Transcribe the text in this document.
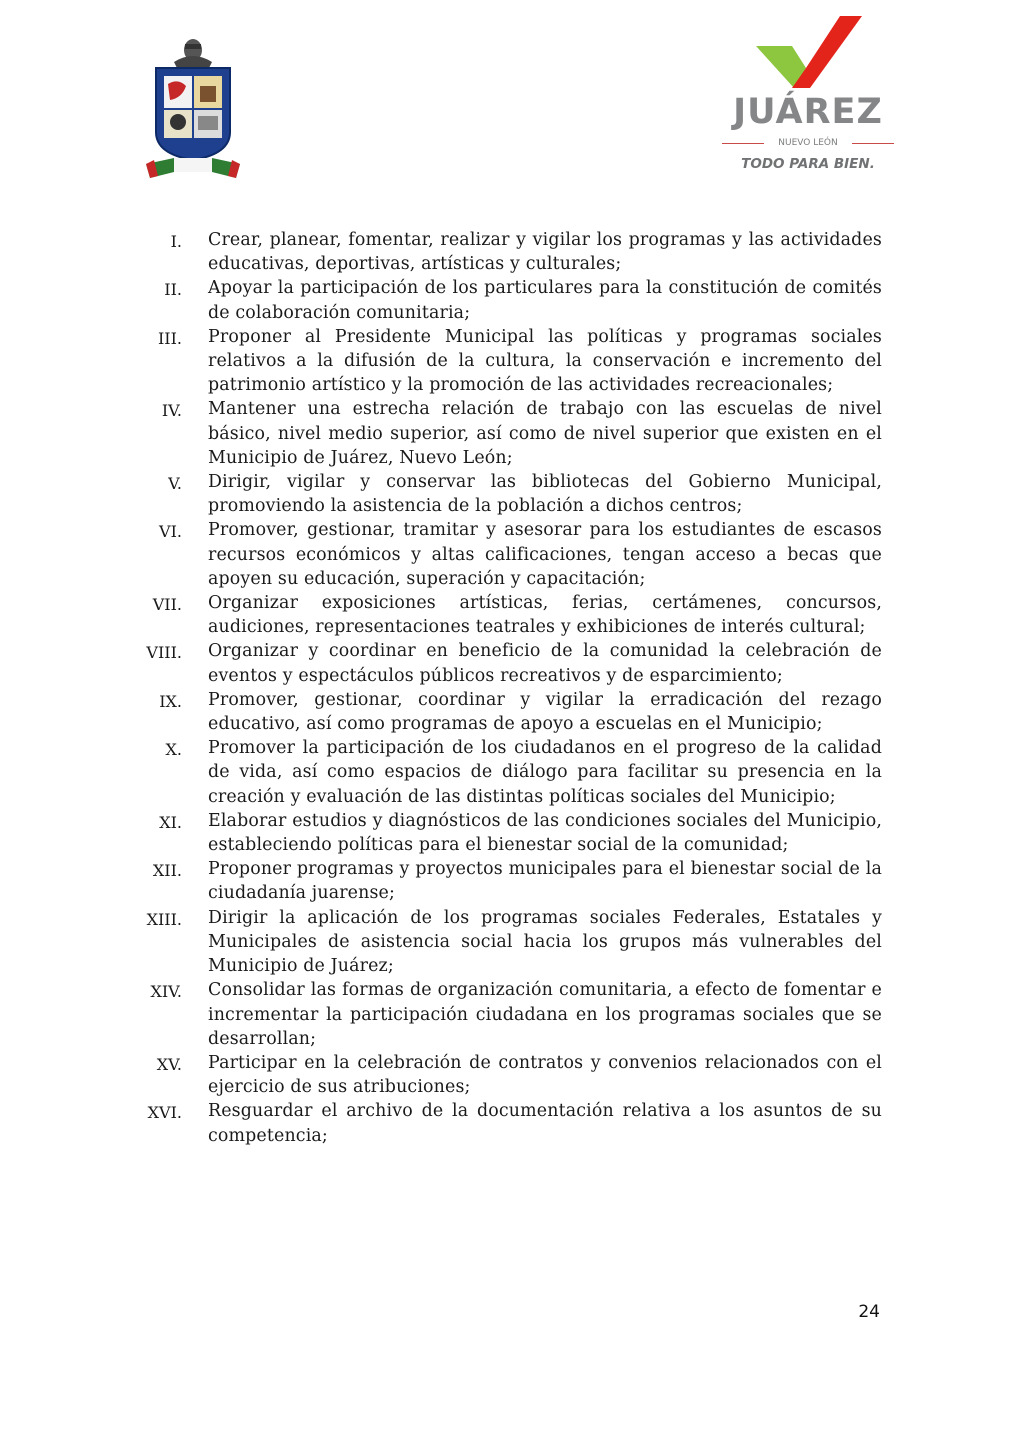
JUÁREZ
NUEVO LEÓN
TODO PARA BIEN.
I. Crear, planear, fomentar, realizar y vigilar los programas y las actividades educativas, deportivas, artísticas y culturales;
II. Apoyar la participación de los particulares para la constitución de comités de colaboración comunitaria;
III. Proponer al Presidente Municipal las políticas y programas sociales relativos a la difusión de la cultura, la conservación e incremento del patrimonio artístico y la promoción de las actividades recreacionales;
IV. Mantener una estrecha relación de trabajo con las escuelas de nivel básico, nivel medio superior, así como de nivel superior que existen en el Municipio de Juárez, Nuevo León;
V. Dirigir, vigilar y conservar las bibliotecas del Gobierno Municipal, promoviendo la asistencia de la población a dichos centros;
VI. Promover, gestionar, tramitar y asesorar para los estudiantes de escasos recursos económicos y altas calificaciones, tengan acceso a becas que apoyen su educación, superación y capacitación;
VII. Organizar exposiciones artísticas, ferias, certámenes, concursos, audiciones, representaciones teatrales y exhibiciones de interés cultural;
VIII. Organizar y coordinar en beneficio de la comunidad la celebración de eventos y espectáculos públicos recreativos y de esparcimiento;
IX. Promover, gestionar, coordinar y vigilar la erradicación del rezago educativo, así como programas de apoyo a escuelas en el Municipio;
X. Promover la participación de los ciudadanos en el progreso de la calidad de vida, así como espacios de diálogo para facilitar su presencia en la creación y evaluación de las distintas políticas sociales del Municipio;
XI. Elaborar estudios y diagnósticos de las condiciones sociales del Municipio, estableciendo políticas para el bienestar social de la comunidad;
XII. Proponer programas y proyectos municipales para el bienestar social de la ciudadanía juarense;
XIII. Dirigir la aplicación de los programas sociales Federales, Estatales y Municipales de asistencia social hacia los grupos más vulnerables del Municipio de Juárez;
XIV. Consolidar las formas de organización comunitaria, a efecto de fomentar e incrementar la participación ciudadana en los programas sociales que se desarrollan;
XV. Participar en la celebración de contratos y convenios relacionados con el ejercicio de sus atribuciones;
XVI. Resguardar el archivo de la documentación relativa a los asuntos de su competencia;
24
